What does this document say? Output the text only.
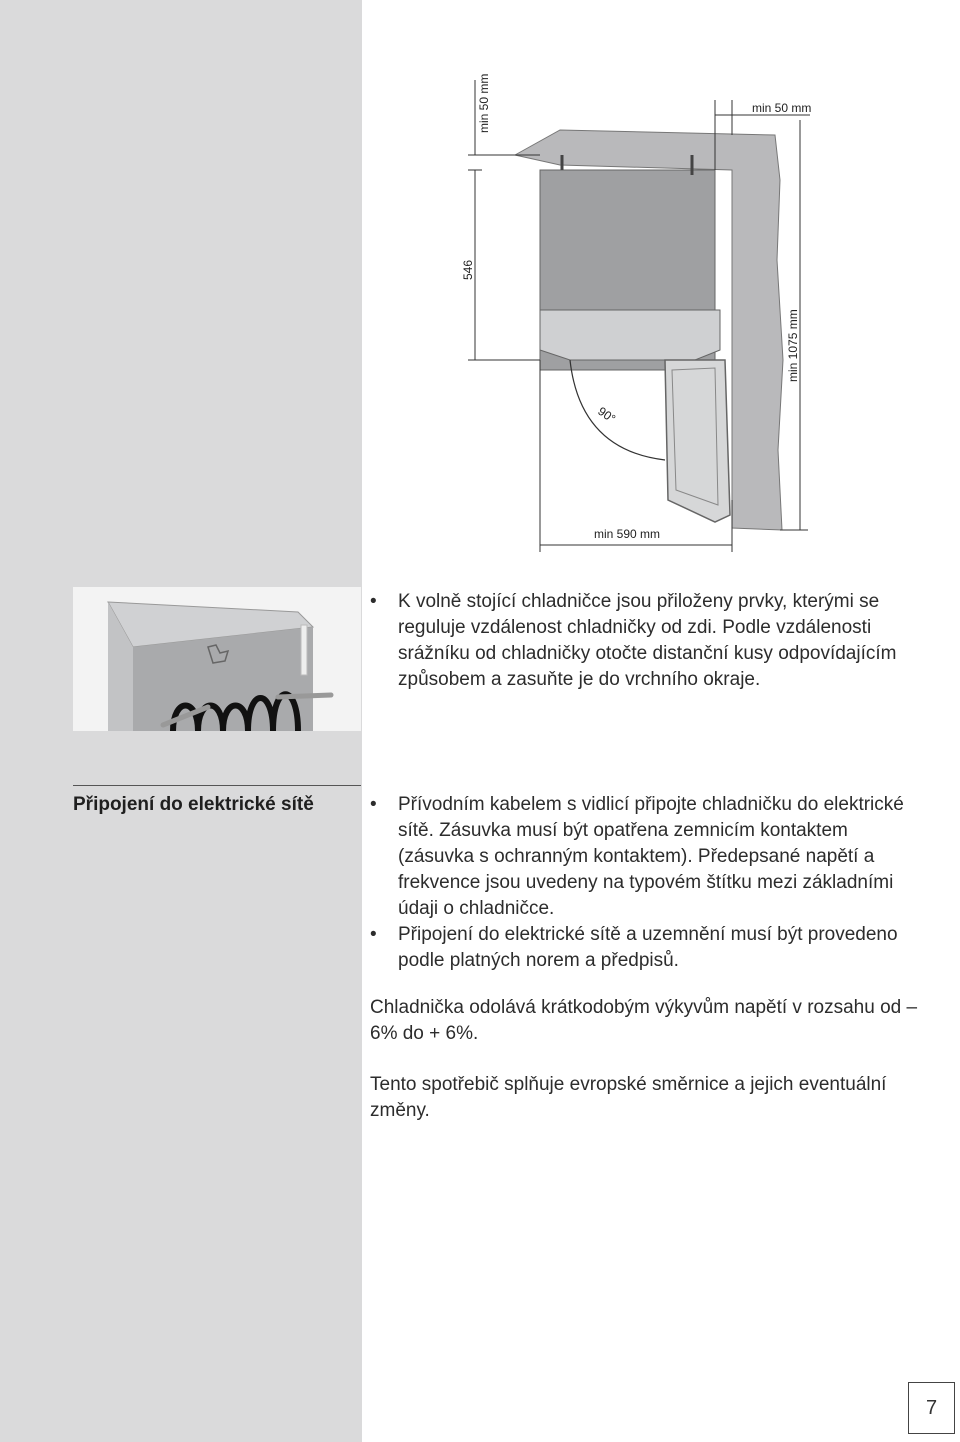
min 50 mm	min 50 mm
546
min 1075 mm
90°
min 590 mm
• K volně stojící chladničce jsou přiloženy prvky, kterými se reguluje vzdálenost chladničky od zdi. Podle vzdálenosti srážníku od chladničky otočte distanční kusy odpovídajícím způsobem a zasuňte je do vrchního okraje.
Připojení do elektrické sítě
•	Přívodním kabelem s vidlicí připojte chladničku do elektrické sítě. Zásuvka musí být opatřena zemnicím kontaktem (zásuvka s ochranným kontaktem). Předepsané napětí a frekvence jsou uvedeny na typovém štítku mezi základními údaji o chladničce.
• Připojení do elektrické sítě a uzemnění musí být provedeno podle platných norem a předpisů.

Chladnička odolává krátkodobým výkyvům napětí v rozsahu od –6% do + 6%.

Tento spotřebič splňuje evropské směrnice a jejich eventuální změny.

7
